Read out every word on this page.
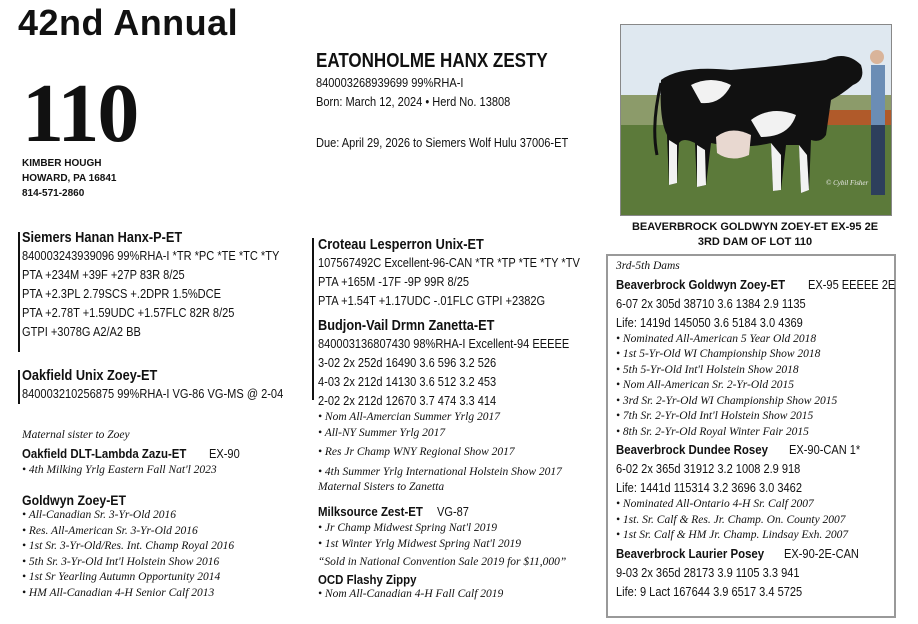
42nd Annual
110
KIMBER HOUGH
HOWARD, PA 16841
814-571-2860
EATONHOLME HANX ZESTY
840003268939699 99%RHA-I
Born: March 12, 2024 • Herd No. 13808
Due: April 29, 2026 to Siemers Wolf Hulu 37006-ET
© Cybil Fisher
BEAVERBROCK GOLDWYN ZOEY-ET EX-95 2E
3RD DAM OF LOT 110
Siemers Hanan Hanx-P-ET
840003243939096 99%RHA-I *TR *PC *TE *TC *TY
PTA +234M +39F +27P 83R 8/25
PTA +2.3PL 2.79SCS +.2DPR 1.5%DCE
PTA +2.78T +1.59UDC +1.57FLC 82R 8/25
GTPI +3078G A2/A2 BB
Oakfield Unix Zoey-ET
840003210256875 99%RHA-I VG-86 VG-MS @ 2-04
Maternal sister to Zoey
Oakfield DLT-Lambda Zazu-ETEX-90
• 4th Milking Yrlg Eastern Fall Nat'l 2023
Goldwyn Zoey-ET
• All-Canadian Sr. 3-Yr-Old 2016
• Res. All-American Sr. 3-Yr-Old 2016
• 1st Sr. 3-Yr-Old/Res. Int. Champ Royal 2016
• 5th Sr. 3-Yr-Old Int'l Holstein Show 2016
• 1st Sr Yearling Autumn Opportunity 2014
• HM All-Canadian 4-H Senior Calf 2013
Croteau Lesperron Unix-ET
107567492C Excellent-96-CAN *TR *TP *TE *TY *TV
PTA +165M -17F -9P 99R 8/25
PTA +1.54T +1.17UDC -.01FLC GTPI +2382G
Budjon-Vail Drmn Zanetta-ET
840003136807430 98%RHA-I Excellent-94 EEEEE
3-02 2x 252d 16490 3.6 596 3.2 526
4-03 2x 212d 14130 3.6 512 3.2 453
2-02 2x 212d 12670 3.7 474 3.3 414
• Nom All-Amercian Summer Yrlg 2017
• All-NY Summer Yrlg 2017
• Res Jr Champ WNY Regional Show 2017
• 4th Summer Yrlg International Holstein Show 2017
Maternal Sisters to Zanetta
Milksource Zest-ETVG-87
• Jr Champ Midwest Spring Nat'l 2019
• 1st Winter Yrlg Midwest Spring Nat'l 2019
“Sold in National Convention Sale 2019 for $11,000”
OCD Flashy Zippy
• Nom All-Canadian 4-H Fall Calf 2019
3rd-5th Dams
Beaverbrock Goldwyn Zoey-ETEX-95 EEEEE 2E
6-07 2x 305d 38710 3.6 1384 2.9 1135
Life: 1419d 145050 3.6 5184 3.0 4369
• Nominated All-American 5 Year Old 2018
• 1st 5-Yr-Old WI Championship Show 2018
• 5th 5-Yr-Old Int'l Holstein Show 2018
• Nom All-American Sr. 2-Yr-Old 2015
• 3rd Sr. 2-Yr-Old WI Championship Show 2015
• 7th Sr. 2-Yr-Old Int'l Holstein Show 2015
• 8th Sr. 2-Yr-Old Royal Winter Fair 2015
Beaverbrock Dundee RoseyEX-90-CAN 1*
6-02 2x 365d 31912 3.2 1008 2.9 918
Life: 1441d 115314 3.2 3696 3.0 3462
• Nominated All-Ontario 4-H Sr. Calf 2007
• 1st. Sr. Calf & Res. Jr. Champ. On. County 2007
• 1st Sr. Calf & HM Jr. Champ. Lindsay Exh. 2007
Beaverbrock Laurier PoseyEX-90-2E-CAN
9-03 2x 365d 28173 3.9 1105 3.3 941
Life: 9 Lact 167644 3.9 6517 3.4 5725
